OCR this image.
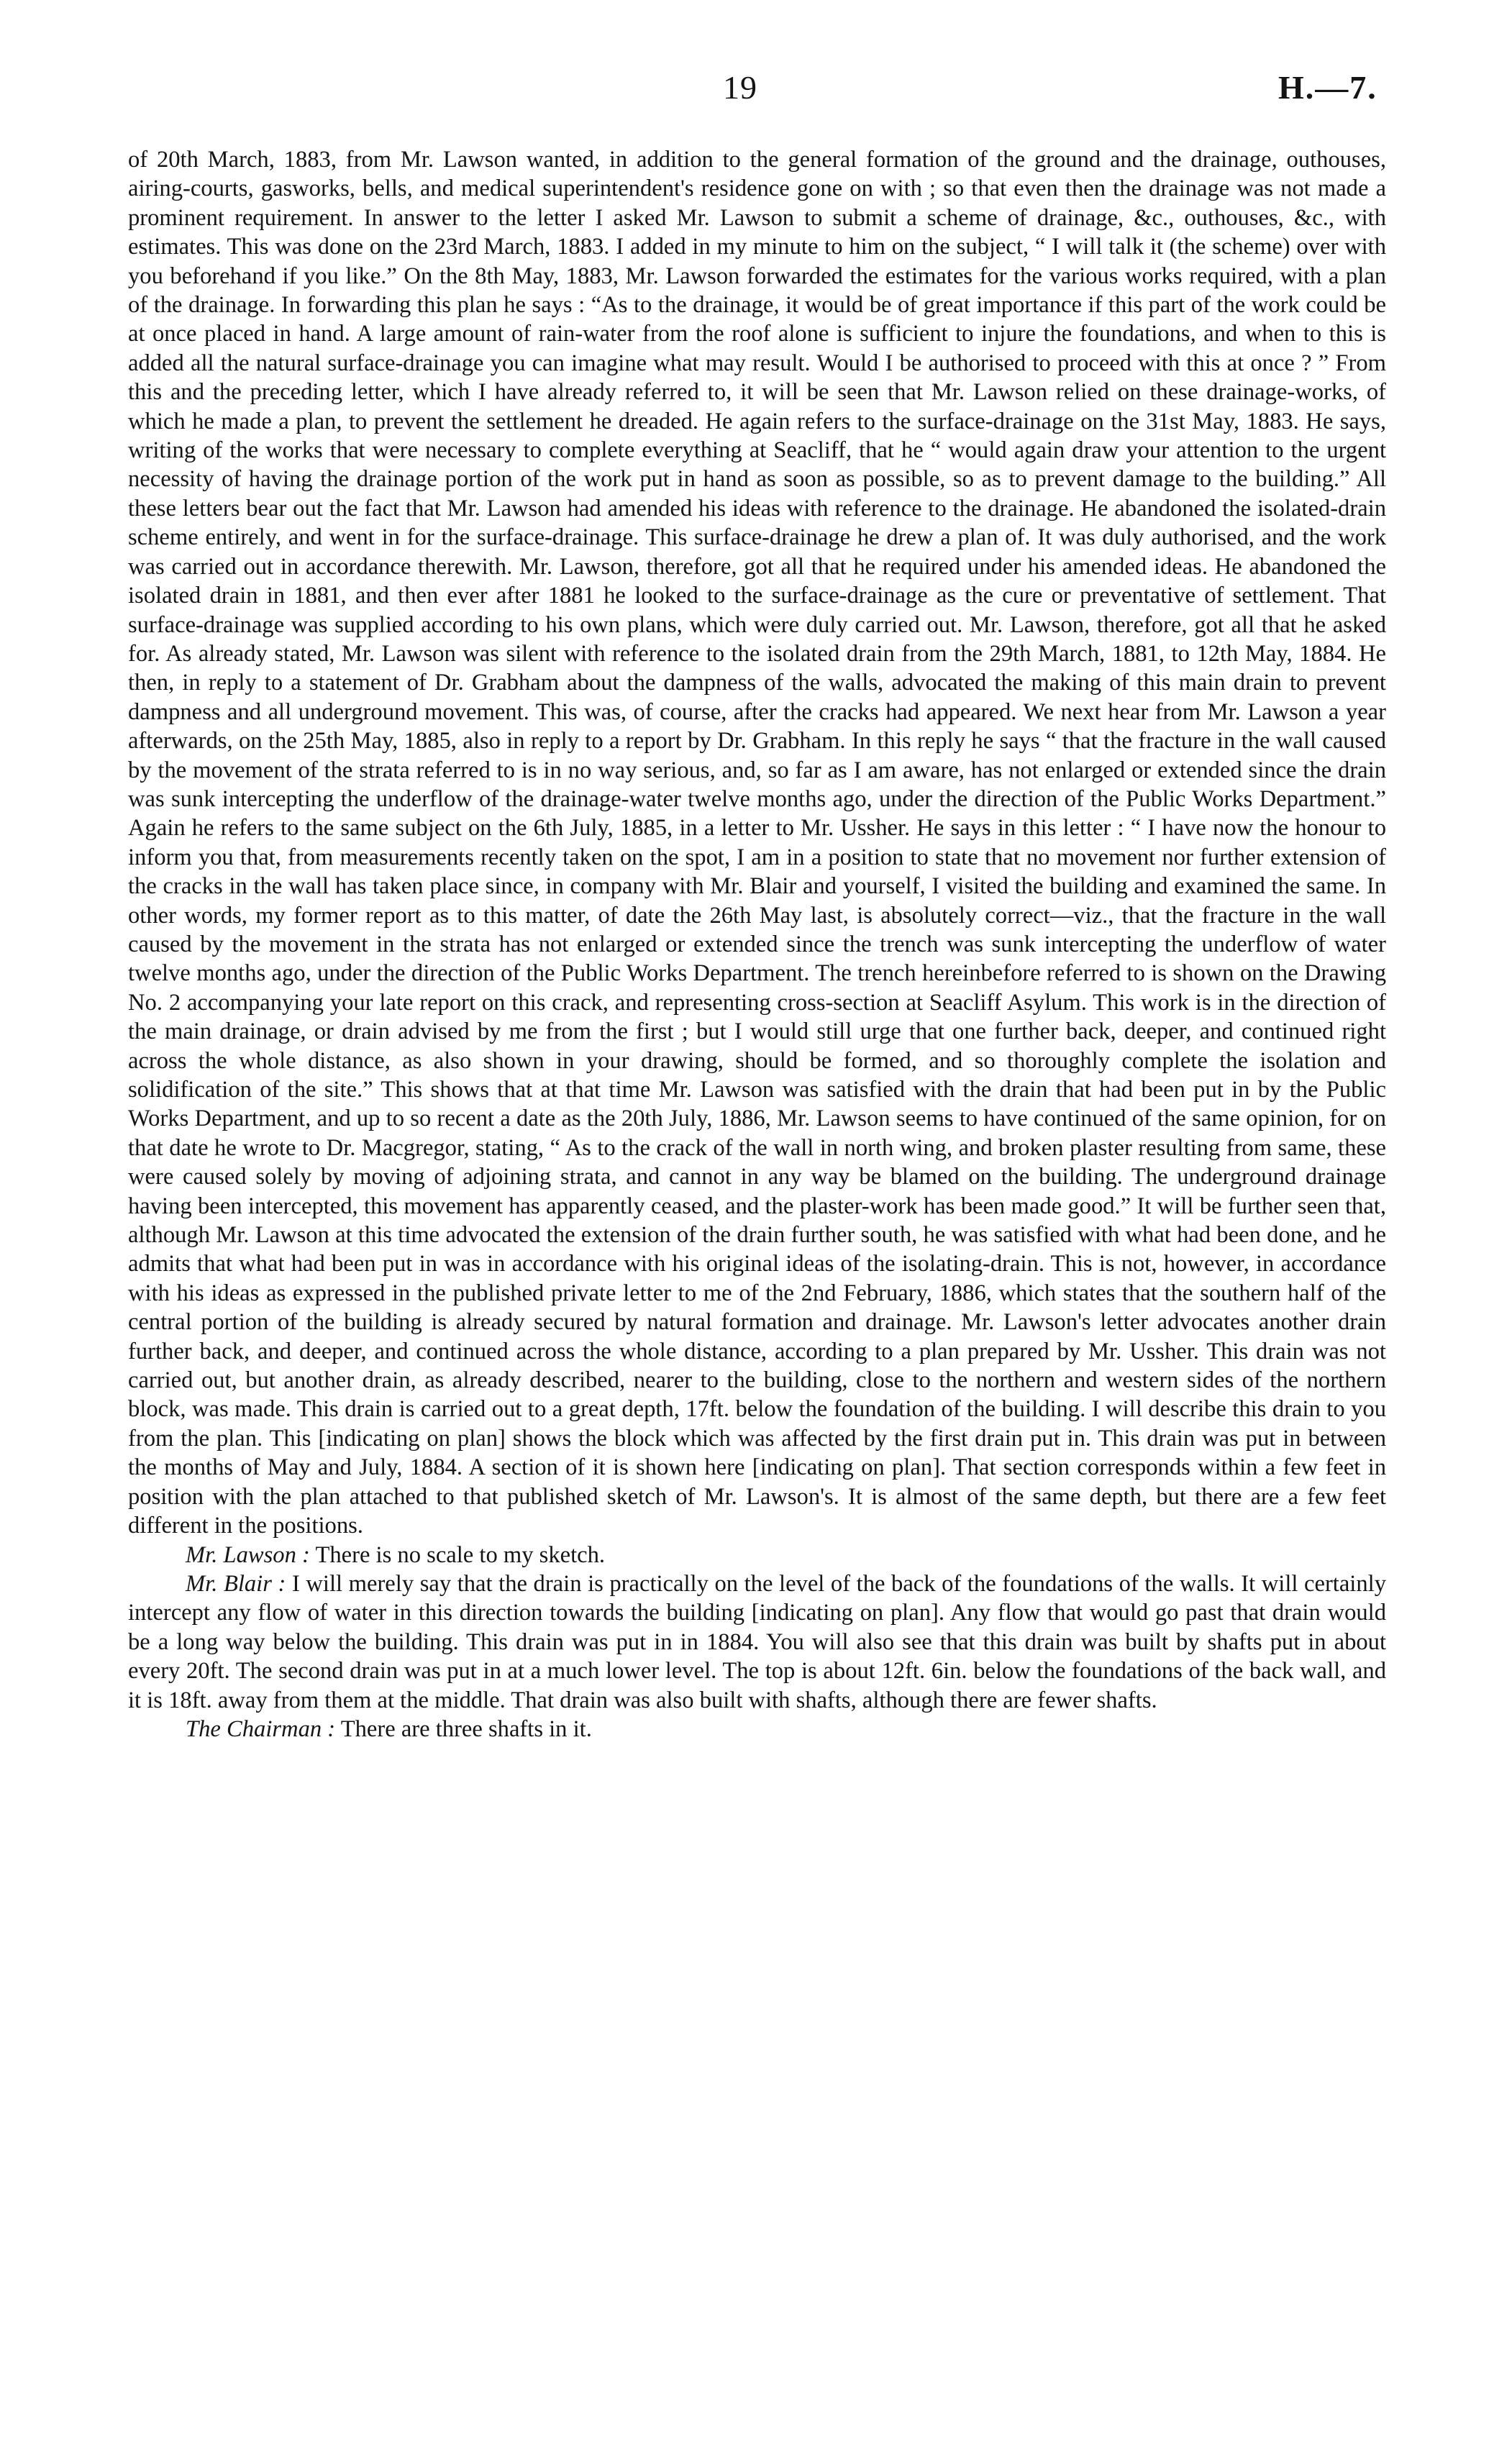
19	H.—7.

of 20th March, 1883, from Mr. Lawson wanted, in addition to the general formation of the ground and the drainage, outhouses, airing-courts, gasworks, bells, and medical superintendent's residence gone on with ; so that even then the drainage was not made a prominent requirement. In answer to the letter I asked Mr. Lawson to submit a scheme of drainage, &c., outhouses, &c., with estimates. This was done on the 23rd March, 1883. I added in my minute to him on the subject, “ I will talk it (the scheme) over with you beforehand if you like.” On the 8th May, 1883, Mr. Lawson forwarded the estimates for the various works required, with a plan of the drainage. In forwarding this plan he says : “As to the drainage, it would be of great importance if this part of the work could be at once placed in hand. A large amount of rain-water from the roof alone is sufficient to injure the foundations, and when to this is added all the natural surface-drainage you can imagine what may result. Would I be authorised to proceed with this at once ? ” From this and the preceding letter, which I have already referred to, it will be seen that Mr. Lawson relied on these drainage-works, of which he made a plan, to prevent the settlement he dreaded. He again refers to the surface-drainage on the 31st May, 1883. He says, writing of the works that were necessary to complete everything at Seacliff, that he “ would again draw your attention to the urgent necessity of having the drainage portion of the work put in hand as soon as possible, so as to prevent damage to the building.” All these letters bear out the fact that Mr. Lawson had amended his ideas with reference to the drainage. He abandoned the isolated-drain scheme entirely, and went in for the surface-drainage. This surface-drainage he drew a plan of. It was duly authorised, and the work was carried out in accordance therewith. Mr. Lawson, therefore, got all that he required under his amended ideas. He abandoned the isolated drain in 1881, and then ever after 1881 he looked to the surface-drainage as the cure or preventative of settlement. That surface-drainage was supplied according to his own plans, which were duly carried out. Mr. Lawson, therefore, got all that he asked for. As already stated, Mr. Lawson was silent with reference to the isolated drain from the 29th March, 1881, to 12th May, 1884. He then, in reply to a statement of Dr. Grabham about the dampness of the walls, advocated the making of this main drain to prevent dampness and all underground movement. This was, of course, after the cracks had appeared. We next hear from Mr. Lawson a year afterwards, on the 25th May, 1885, also in reply to a report by Dr. Grabham. In this reply he says “ that the fracture in the wall caused by the movement of the strata referred to is in no way serious, and, so far as I am aware, has not enlarged or extended since the drain was sunk intercepting the underflow of the drainage-water twelve months ago, under the direction of the Public Works Department.” Again he refers to the same subject on the 6th July, 1885, in a letter to Mr. Ussher. He says in this letter : “ I have now the honour to inform you that, from measurements recently taken on the spot, I am in a position to state that no movement nor further extension of the cracks in the wall has taken place since, in company with Mr. Blair and yourself, I visited the building and examined the same. In other words, my former report as to this matter, of date the 26th May last, is absolutely correct—viz., that the fracture in the wall caused by the movement in the strata has not enlarged or extended since the trench was sunk intercepting the underflow of water twelve months ago, under the direction of the Public Works Department. The trench hereinbefore referred to is shown on the Drawing No. 2 accompanying your late report on this crack, and representing cross-section at Seacliff Asylum. This work is in the direction of the main drainage, or drain advised by me from the first ; but I would still urge that one further back, deeper, and continued right across the whole distance, as also shown in your drawing, should be formed, and so thoroughly complete the isolation and solidification of the site.” This shows that at that time Mr. Lawson was satisfied with the drain that had been put in by the Public Works Department, and up to so recent a date as the 20th July, 1886, Mr. Lawson seems to have continued of the same opinion, for on that date he wrote to Dr. Macgregor, stating, “ As to the crack of the wall in north wing, and broken plaster resulting from same, these were caused solely by moving of adjoining strata, and cannot in any way be blamed on the building. The underground drainage having been intercepted, this movement has apparently ceased, and the plaster-work has been made good.” It will be further seen that, although Mr. Lawson at this time advocated the extension of the drain further south, he was satisfied with what had been done, and he admits that what had been put in was in accordance with his original ideas of the isolating-drain. This is not, however, in accordance with his ideas as expressed in the published private letter to me of the 2nd February, 1886, which states that the southern half of the central portion of the building is already secured by natural formation and drainage. Mr. Lawson's letter advocates another drain further back, and deeper, and continued across the whole distance, according to a plan prepared by Mr. Ussher. This drain was not carried out, but another drain, as already described, nearer to the building, close to the northern and western sides of the northern block, was made. This drain is carried out to a great depth, 17ft. below the foundation of the building. I will describe this drain to you from the plan. This [indicating on plan] shows the block which was affected by the first drain put in. This drain was put in between the months of May and July, 1884. A section of it is shown here [indicating on plan]. That section corresponds within a few feet in position with the plan attached to that published sketch of Mr. Lawson's. It is almost of the same depth, but there are a few feet different in the positions.

Mr. Lawson : There is no scale to my sketch.

Mr. Blair : I will merely say that the drain is practically on the level of the back of the foundations of the walls. It will certainly intercept any flow of water in this direction towards the building [indicating on plan]. Any flow that would go past that drain would be a long way below the building. This drain was put in in 1884. You will also see that this drain was built by shafts put in about every 20ft. The second drain was put in at a much lower level. The top is about 12ft. 6in. below the foundations of the back wall, and it is 18ft. away from them at the middle. That drain was also built with shafts, although there are fewer shafts.

The Chairman : There are three shafts in it.
